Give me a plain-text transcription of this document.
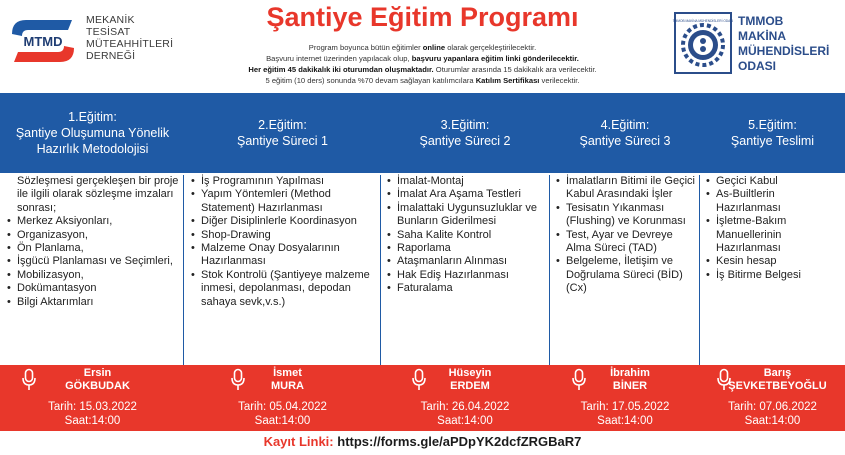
MTMD
MEKANİK
TESİSAT
MÜTEAHHİTLERİ
DERNEĞİ
Şantiye Eğitim Programı
Program boyunca bütün eğitimler online olarak gerçekleştirilecektir.
Başvuru internet üzerinden yapılacak olup, başvuru yapanlara eğitim linki gönderilecektir.
Her eğitim 45 dakikalık iki oturumdan oluşmaktadır. Oturumlar arasında 15 dakikalık ara verilecektir.
5 eğitim (10 ders) sonunda %70 devam sağlayan katılımcılara Katılım Sertifikası verilecektir.
TMMOB MAKİNA MÜHENDİSLERİ ODASI TMMOB
MAKİNA
MÜHENDİSLERİ
ODASI
1.Eğitim:
Şantiye Oluşumuna Yönelik
Hazırlık Metodolojisi
2.Eğitim:
Şantiye Süreci 1
3.Eğitim:
Şantiye Süreci 2
4.Eğitim:
Şantiye Süreci 3
5.Eğitim:
Şantiye Teslimi
Sözleşmesi gerçekleşen bir proje ile ilgili olarak sözleşme imzaları sonrası;
• Merkez Aksiyonları,
• Organizasyon,
• Ön Planlama,
• İşgücü Planlaması ve Seçimleri,
• Mobilizasyon,
• Dokümantasyon
• Bilgi Aktarımları
• İş Programının Yapılması
• Yapım Yöntemleri (Method Statement) Hazırlanması
• Diğer Disiplinlerle Koordinasyon
• Shop-Drawing
• Malzeme Onay Dosyalarının Hazırlanması
• Stok Kontrolü (Şantiyeye malzeme inmesi, depolanması, depodan sahaya sevk,v.s.)
• İmalat-Montaj
• İmalat Ara Aşama Testleri
• İmalattaki Uygunsuzluklar ve Bunların Giderilmesi
• Saha Kalite Kontrol
• Raporlama
• Ataşmanların Alınması
• Hak Ediş Hazırlanması
• Faturalama
• İmalatların Bitimi ile Geçici Kabul Arasındaki İşler
• Tesisatın Yıkanması (Flushing) ve Korunması
• Test, Ayar ve Devreye Alma Süreci (TAD)
• Belgeleme, İletişim ve Doğrulama Süreci (BİD) (Cx)
• Geçici Kabul
• As-Builtlerin Hazırlanması
• İşletme-Bakım Manuellerinin Hazırlanması
• Kesin hesap
• İş Bitirme Belgesi
Ersin
GÖKBUDAK
Tarih: 15.03.2022
Saat:14:00
İsmet
MURA
Tarih: 05.04.2022
Saat:14:00
Hüseyin
ERDEM
Tarih: 26.04.2022
Saat:14:00
İbrahim
BİNER
Tarih: 17.05.2022
Saat:14:00
Barış
ŞEVKETBEYOĞLU
Tarih: 07.06.2022
Saat:14:00
Kayıt Linki: https://forms.gle/aPDpYK2dcfZRGBaR7
